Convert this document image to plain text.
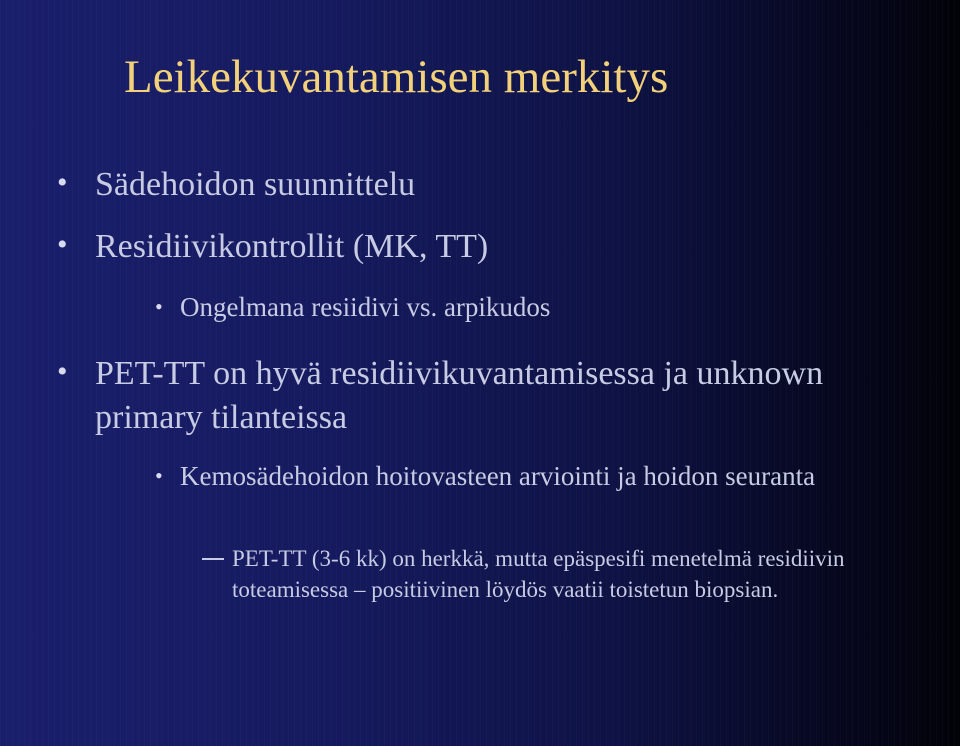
Leikekuvantamisen merkitys
• Sädehoidon suunnittelu
• Residiivikontrollit (MK, TT)
• Ongelmana resiidivi vs. arpikudos
• PET-TT on hyvä residiivikuvantamisessa ja unknown primary tilanteissa
• Kemosädehoidon hoitovasteen arviointi ja hoidon seuranta
PET-TT (3-6 kk) on herkkä, mutta epäspesifi menetelmä residiivin toteamisessa – positiivinen löydös vaatii toistetun biopsian.
